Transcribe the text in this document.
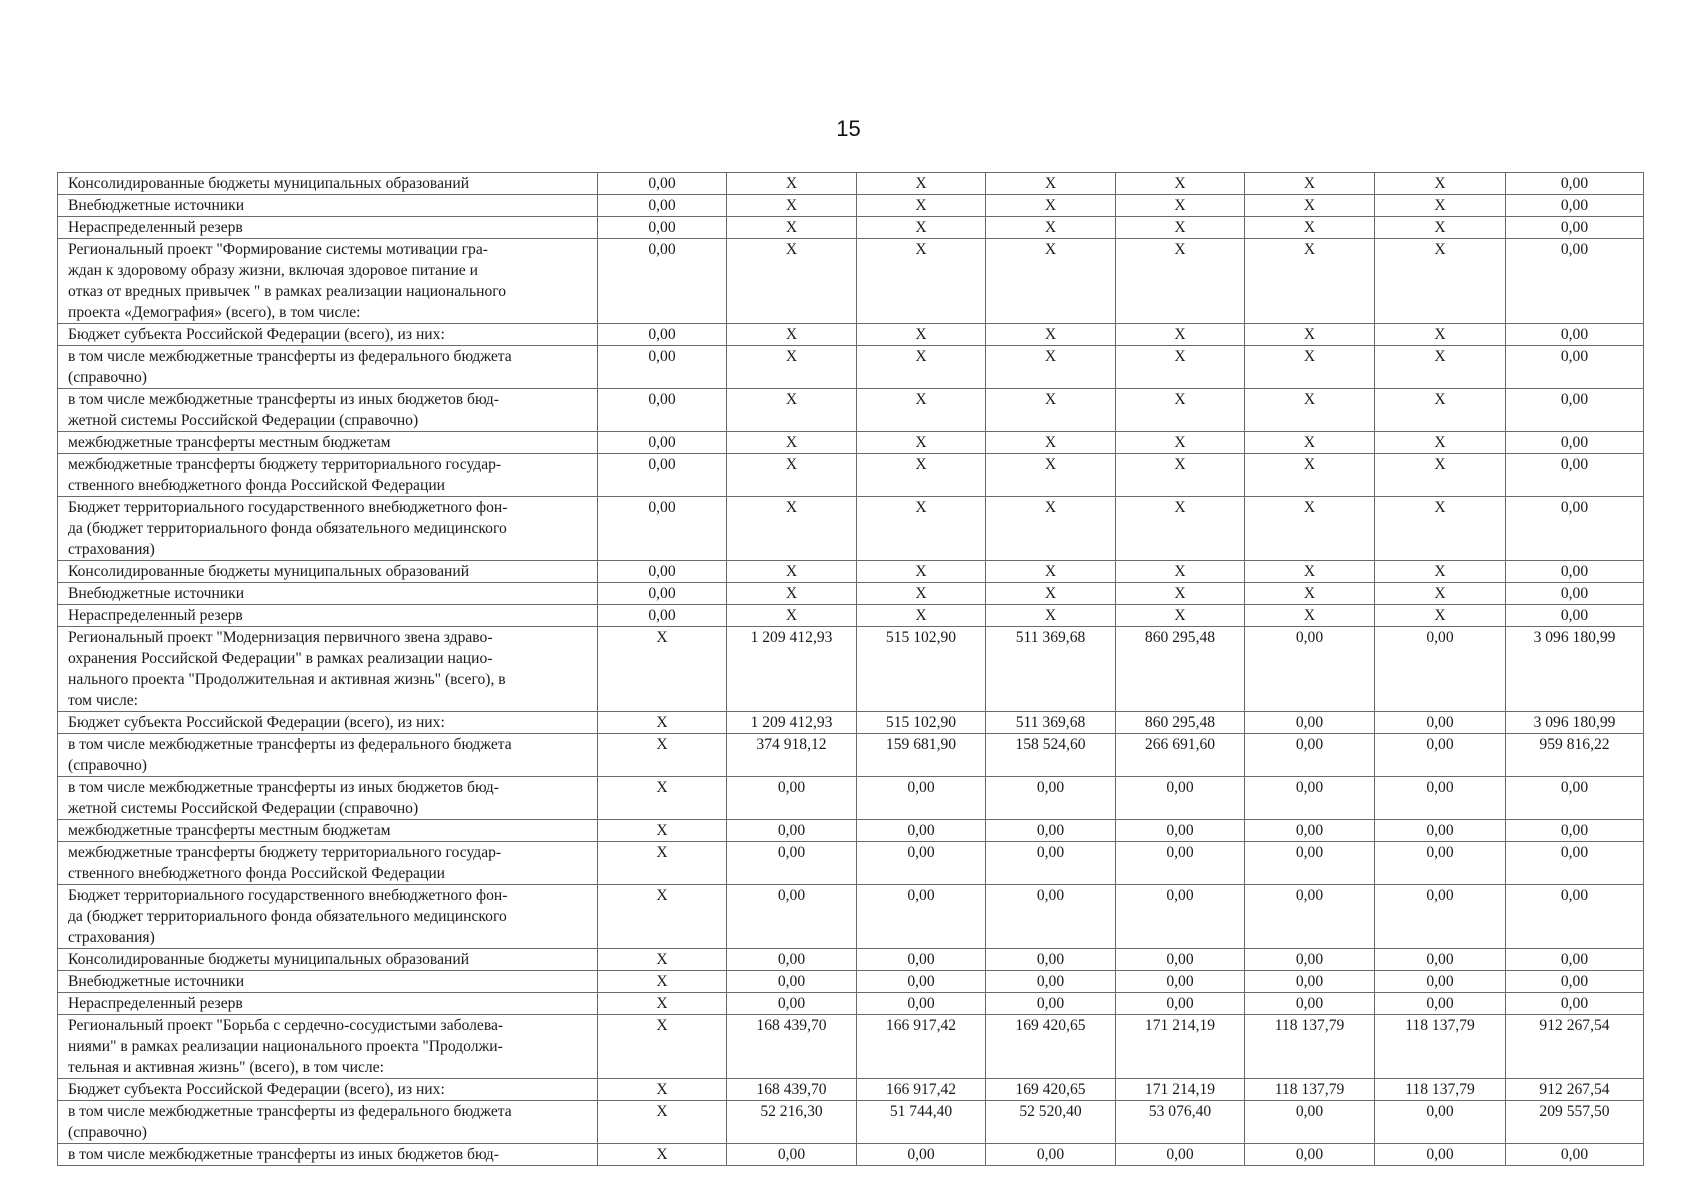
15
Консолидированные бюджеты муниципальных образований	0,00	X	X	X	X	X	X	0,00
Внебюджетные источники	0,00	X	X	X	X	X	X	0,00
Нераспределенный резерв	0,00	X	X	X	X	X	X	0,00
Региональный проект "Формирование системы мотивации гра-
ждан к здоровому образу жизни, включая здоровое питание и
отказ от вредных привычек " в рамках реализации национального
проекта «Демография» (всего), в том числе:	0,00	X	X	X	X	X	X	0,00
Бюджет субъекта Российской Федерации (всего), из них:	0,00	X	X	X	X	X	X	0,00
в том числе межбюджетные трансферты из федерального бюджета
(справочно)	0,00	X	X	X	X	X	X	0,00
в том числе межбюджетные трансферты из иных бюджетов бюд-
жетной системы Российской Федерации (справочно)	0,00	X	X	X	X	X	X	0,00
межбюджетные трансферты местным бюджетам	0,00	X	X	X	X	X	X	0,00
межбюджетные трансферты бюджету территориального государ-
ственного внебюджетного фонда Российской Федерации	0,00	X	X	X	X	X	X	0,00
Бюджет территориального государственного внебюджетного фон-
да (бюджет территориального фонда обязательного медицинского
страхования)	0,00	X	X	X	X	X	X	0,00
Консолидированные бюджеты муниципальных образований	0,00	X	X	X	X	X	X	0,00
Внебюджетные источники	0,00	X	X	X	X	X	X	0,00
Нераспределенный резерв	0,00	X	X	X	X	X	X	0,00
Региональный проект "Модернизация первичного звена здраво-
охранения Российской Федерации" в рамках реализации нацио-
нального проекта "Продолжительная и активная жизнь" (всего), в
том числе:	X	1 209 412,93	515 102,90	511 369,68	860 295,48	0,00	0,00	3 096 180,99
Бюджет субъекта Российской Федерации (всего), из них:	X	1 209 412,93	515 102,90	511 369,68	860 295,48	0,00	0,00	3 096 180,99
в том числе межбюджетные трансферты из федерального бюджета
(справочно)	X	374 918,12	159 681,90	158 524,60	266 691,60	0,00	0,00	959 816,22
в том числе межбюджетные трансферты из иных бюджетов бюд-
жетной системы Российской Федерации (справочно)	X	0,00	0,00	0,00	0,00	0,00	0,00	0,00
межбюджетные трансферты местным бюджетам	X	0,00	0,00	0,00	0,00	0,00	0,00	0,00
межбюджетные трансферты бюджету территориального государ-
ственного внебюджетного фонда Российской Федерации	X	0,00	0,00	0,00	0,00	0,00	0,00	0,00
Бюджет территориального государственного внебюджетного фон-
да (бюджет территориального фонда обязательного медицинского
страхования)	X	0,00	0,00	0,00	0,00	0,00	0,00	0,00
Консолидированные бюджеты муниципальных образований	X	0,00	0,00	0,00	0,00	0,00	0,00	0,00
Внебюджетные источники	X	0,00	0,00	0,00	0,00	0,00	0,00	0,00
Нераспределенный резерв	X	0,00	0,00	0,00	0,00	0,00	0,00	0,00
Региональный проект "Борьба с сердечно-сосудистыми заболева-
ниями" в рамках реализации национального проекта "Продолжи-
тельная и активная жизнь" (всего), в том числе:	X	168 439,70	166 917,42	169 420,65	171 214,19	118 137,79	118 137,79	912 267,54
Бюджет субъекта Российской Федерации (всего), из них:	X	168 439,70	166 917,42	169 420,65	171 214,19	118 137,79	118 137,79	912 267,54
в том числе межбюджетные трансферты из федерального бюджета
(справочно)	X	52 216,30	51 744,40	52 520,40	53 076,40	0,00	0,00	209 557,50
в том числе межбюджетные трансферты из иных бюджетов бюд-	X	0,00	0,00	0,00	0,00	0,00	0,00	0,00
